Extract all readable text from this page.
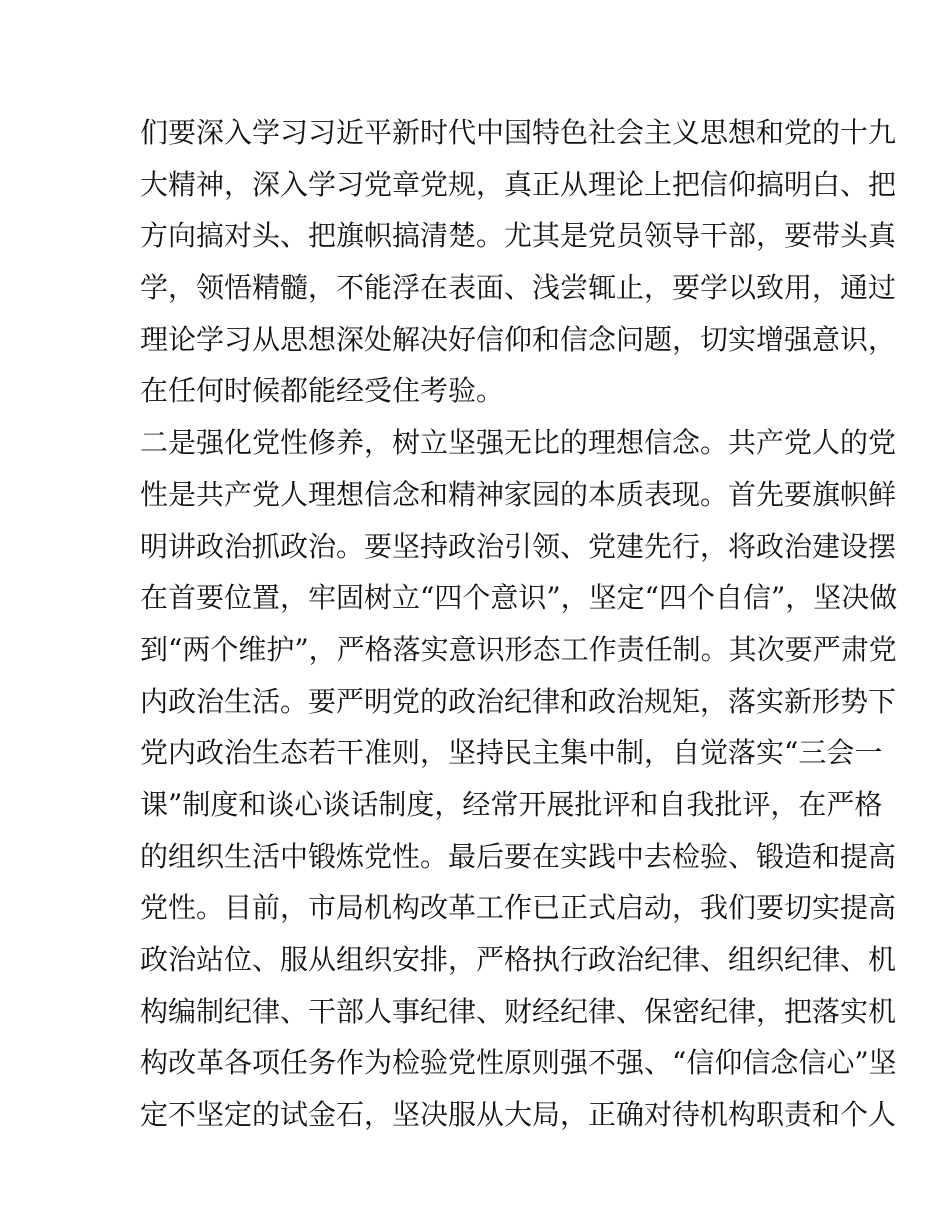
们要深入学习习近平新时代中国特色社会主义思想和党的十九
大精神，深入学习党章党规，真正从理论上把信仰搞明白、把
方向搞对头、把旗帜搞清楚。尤其是党员领导干部，要带头真
学，领悟精髓，不能浮在表面、浅尝辄止，要学以致用，通过
理论学习从思想深处解决好信仰和信念问题，切实增强意识，
在任何时候都能经受住考验。
二是强化党性修养，树立坚强无比的理想信念。共产党人的党
性是共产党人理想信念和精神家园的本质表现。首先要旗帜鲜
明讲政治抓政治。要坚持政治引领、党建先行，将政治建设摆
在首要位置，牢固树立“四个意识”，坚定“四个自信”，坚决做
到“两个维护”，严格落实意识形态工作责任制。其次要严肃党
内政治生活。要严明党的政治纪律和政治规矩，落实新形势下
党内政治生态若干准则，坚持民主集中制，自觉落实“三会一
课”制度和谈心谈话制度，经常开展批评和自我批评，在严格
的组织生活中锻炼党性。最后要在实践中去检验、锻造和提高
党性。目前，市局机构改革工作已正式启动，我们要切实提高
政治站位、服从组织安排，严格执行政治纪律、组织纪律、机
构编制纪律、干部人事纪律、财经纪律、保密纪律，把落实机
构改革各项任务作为检验党性原则强不强、“信仰信念信心”坚
定不坚定的试金石，坚决服从大局，正确对待机构职责和个人
